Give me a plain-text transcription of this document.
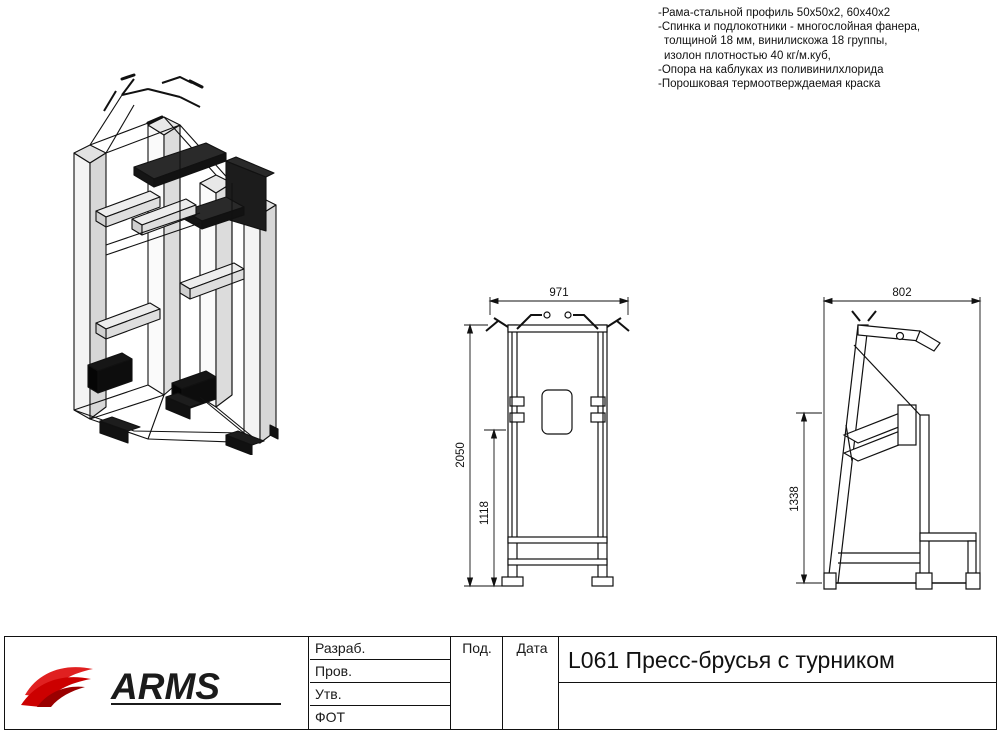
-Рама-стальной профиль 50x50x2, 60x40x2
-Спинка и подлокотники - многослойная фанера,
толщиной 18 мм, винилискожа 18 группы,
изолон плотностью 40 кг/м.куб,
-Опора на каблуках из поливинилхлорида
-Порошковая термоотверждаемая краска
971
2050
1118
802
1338
ARMS
Разраб.
Пров.
Утв.
ФОТ
Под.	Дата L061 Пресс-брусья с турником
